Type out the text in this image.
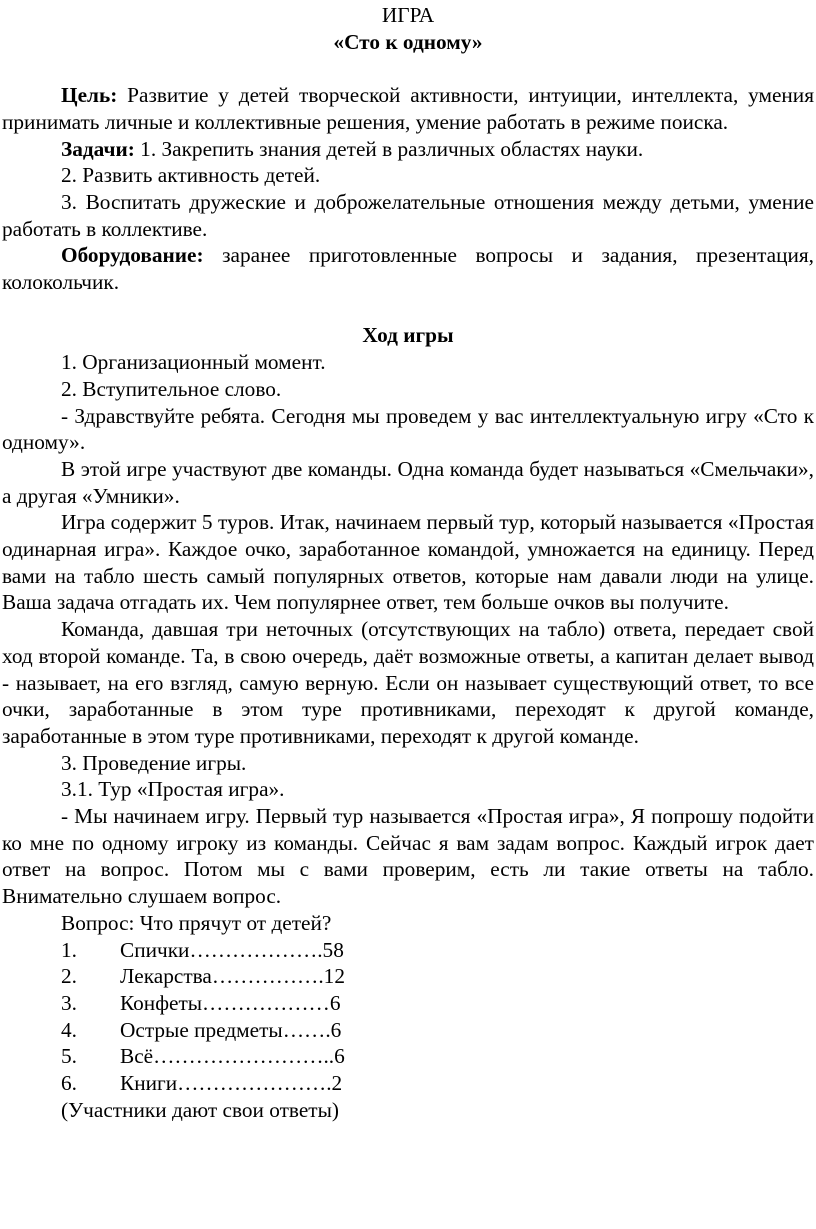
ИГРА

«Сто к одному»

Цель: Развитие у детей творческой активности, интуиции, интеллекта, умения принимать личные и коллективные решения, умение работать в режиме поиска.

Задачи: 1. Закрепить знания детей в различных областях науки.

2. Развить активность детей.

3. Воспитать дружеские и доброжелательные отношения между детьми, умение работать в коллективе.

Оборудование: заранее приготовленные вопросы и задания, презентация, колокольчик.

Ход игры

1. Организационный момент.

2. Вступительное слово.

- Здравствуйте ребята. Сегодня мы проведем у вас интеллектуальную игру «Сто к одному».

В этой игре участвуют две команды. Одна команда будет называться «Смельчаки», а другая «Умники».

Игра содержит 5 туров. Итак, начинаем первый тур, который называется «Простая одинарная игра». Каждое очко, заработанное командой, умножается на единицу. Перед вами на табло шесть самый популярных ответов, которые нам давали люди на улице. Ваша задача отгадать их. Чем популярнее ответ, тем больше очков вы получите.

Команда, давшая три неточных (отсутствующих на табло) ответа, передает свой ход второй команде. Та, в свою очередь, даёт возможные ответы, а капитан делает вывод - называет, на его взгляд, самую верную. Если он называет существующий ответ, то все очки, заработанные в этом туре противниками, переходят к другой команде, заработанные в этом туре противниками, переходят к другой команде.

3. Проведение игры.

3.1. Тур «Простая игра».

- Мы начинаем игру. Первый тур называется «Простая игра», Я попрошу подойти ко мне по одному игроку из команды. Сейчас я вам задам вопрос. Каждый игрок дает ответ на вопрос. Потом мы с вами проверим, есть ли такие ответы на табло. Внимательно слушаем вопрос.

Вопрос: Что прячут от детей?

1.	Спички……………….58
2.	Лекарства…………….12
3.	Конфеты………………6
4.	Острые предметы…….6
5.	Всё……………………..6
6.	Книги………………….2

(Участники дают свои ответы)
